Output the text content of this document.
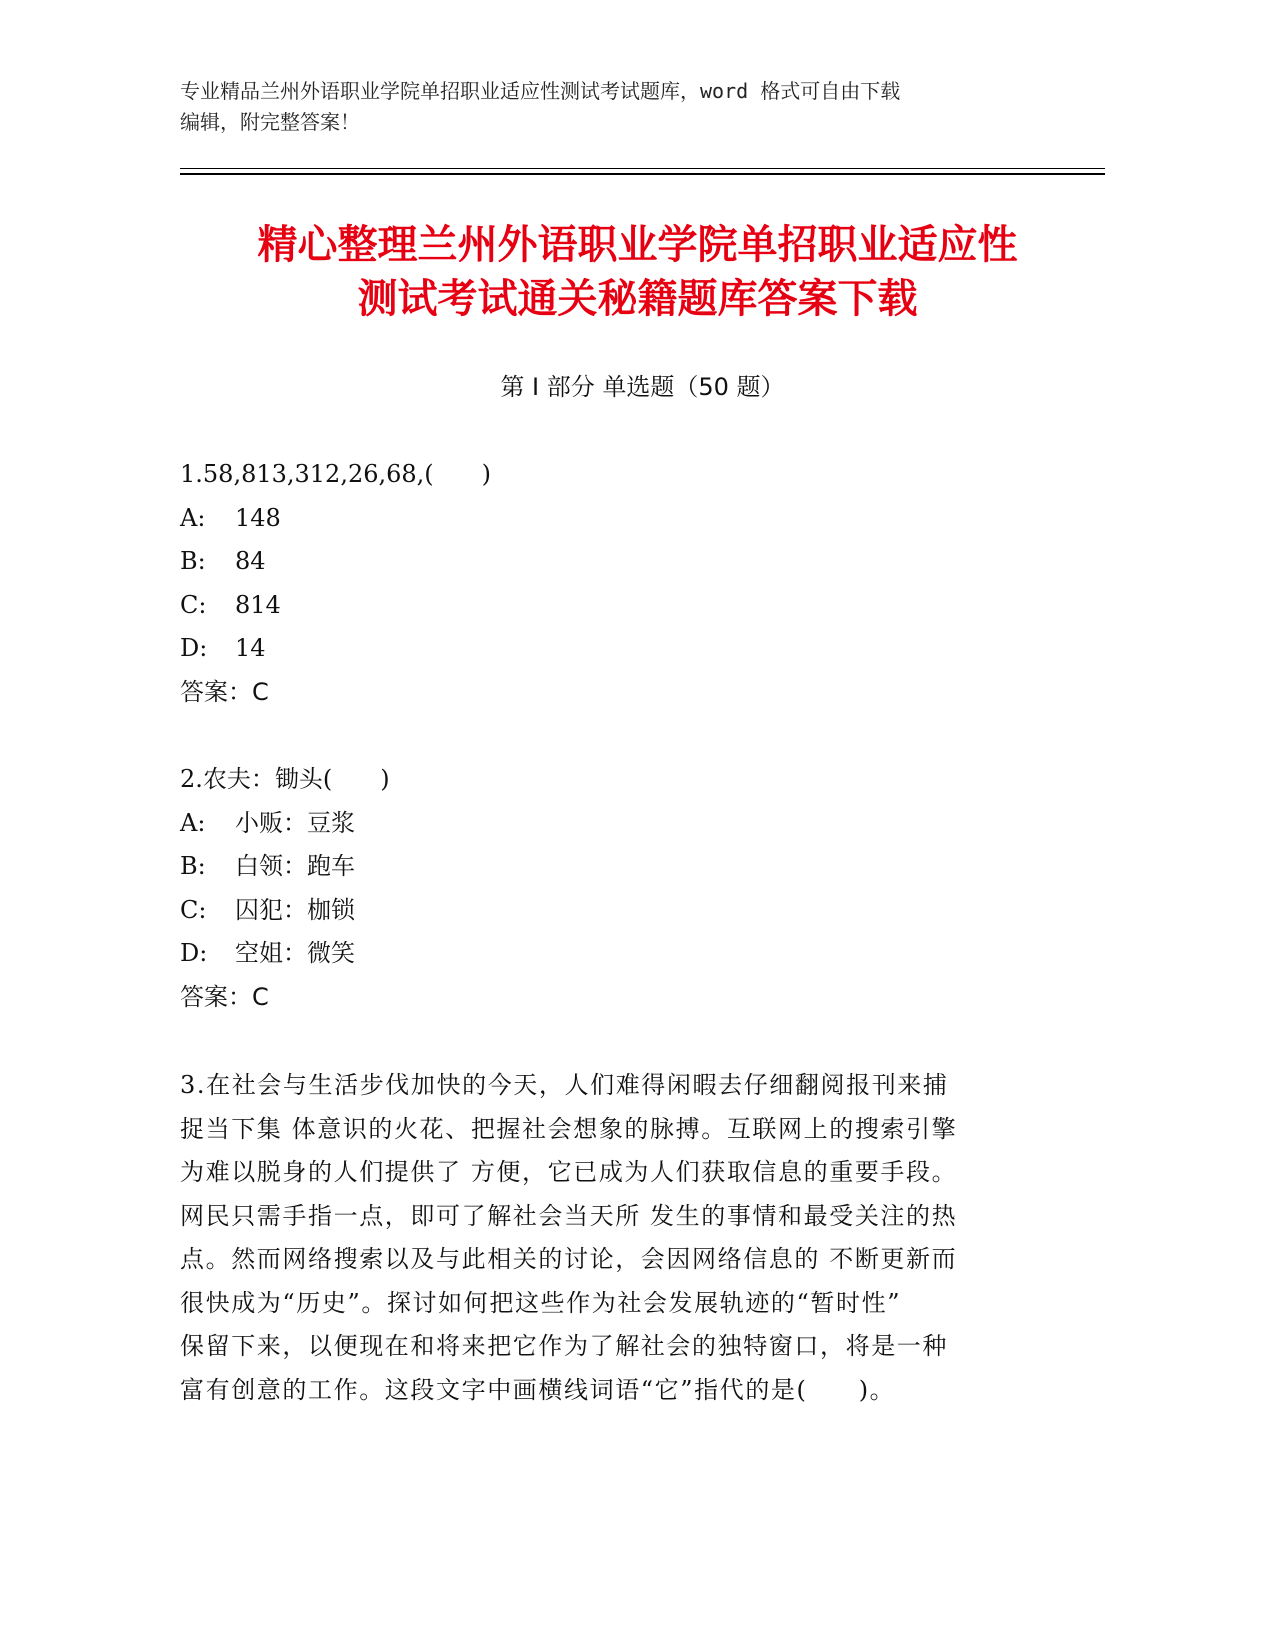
专业精品兰州外语职业学院单招职业适应性测试考试题库，word 格式可自由下载
编辑，附完整答案！
精心整理兰州外语职业学院单招职业适应性
测试考试通关秘籍题库答案下载
第 I 部分 单选题（50 题）
1.58,813,312,26,68,(　　)
A: 148
B: 84
C: 814
D: 14
答案：C
2.农夫：锄头(　　)
A: 小贩：豆浆
B: 白领：跑车
C: 囚犯：枷锁
D: 空姐：微笑
答案：C
3.在社会与生活步伐加快的今天，人们难得闲暇去仔细翻阅报刊来捕
捉当下集 体意识的火花、把握社会想象的脉搏。互联网上的搜索引擎
为难以脱身的人们提供了 方便，它已成为人们获取信息的重要手段。
网民只需手指一点，即可了解社会当天所 发生的事情和最受关注的热
点。然而网络搜索以及与此相关的讨论，会因网络信息的 不断更新而
很快成为“历史”。探讨如何把这些作为社会发展轨迹的“暂时性”
保留下来，以便现在和将来把它作为了解社会的独特窗口，将是一种
富有创意的工作。这段文字中画横线词语“它”指代的是(　　)。
